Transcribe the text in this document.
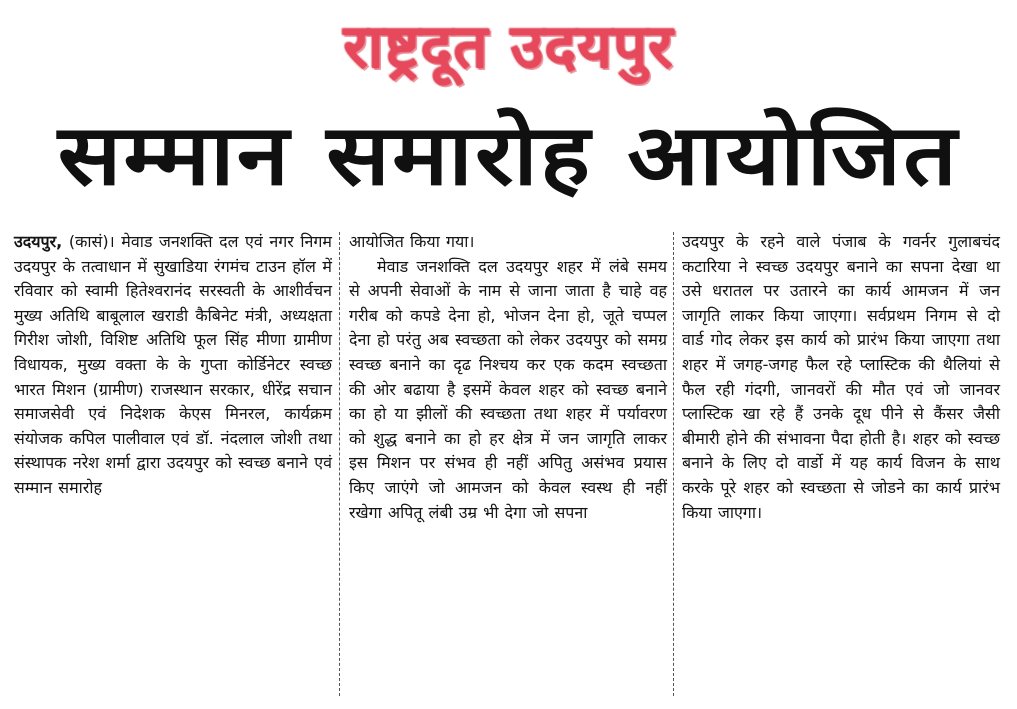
राष्ट्रदूत उदयपुर
सम्मान समारोह आयोजित

उदयपुर, (कासं)। मेवाड जनशक्ति दल एवं नगर निगम उदयपुर के तत्वाधान में सुखाडिया रंगमंच टाउन हॉल में रविवार को स्वामी हितेश्वरानंद सरस्वती के आशीर्वचन मुख्य अतिथि बाबूलाल खराडी कैबिनेट मंत्री, अध्यक्षता गिरीश जोशी, विशिष्ट अतिथि फूल सिंह मीणा ग्रामीण विधायक, मुख्य वक्ता के के गुप्ता कोर्डिनेटर स्वच्छ भारत मिशन (ग्रामीण) राजस्थान सरकार, धीरेंद्र सचान समाजसेवी एवं निदेशक केएस मिनरल, कार्यक्रम संयोजक कपिल पालीवाल एवं डॉ. नंदलाल जोशी तथा संस्थापक नरेश शर्मा द्वारा उदयपुर को स्वच्छ बनाने एवं सम्मान समारोह

आयोजित किया गया।

मेवाड जनशक्ति दल उदयपुर शहर में लंबे समय से अपनी सेवाओं के नाम से जाना जाता है चाहे वह गरीब को कपडे देना हो, भोजन देना हो, जूते चप्पल देना हो परंतु अब स्वच्छता को लेकर उदयपुर को समग्र स्वच्छ बनाने का दृढ निश्चय कर एक कदम स्वच्छता की ओर बढाया है इसमें केवल शहर को स्वच्छ बनाने का हो या झीलों की स्वच्छता तथा शहर में पर्यावरण को शुद्ध बनाने का हो हर क्षेत्र में जन जागृति लाकर इस मिशन पर संभव ही नहीं अपितु असंभव प्रयास किए जाएंगे जो आमजन को केवल स्वस्थ ही नहीं रखेगा अपितू लंबी उम्र भी देगा जो सपना

उदयपुर के रहने वाले पंजाब के गवर्नर गुलाबचंद कटारिया ने स्वच्छ उदयपुर बनाने का सपना देखा था उसे धरातल पर उतारने का कार्य आमजन में जन जागृति लाकर किया जाएगा। सर्वप्रथम निगम से दो वार्ड गोद लेकर इस कार्य को प्रारंभ किया जाएगा तथा शहर में जगह-जगह फैल रहे प्लास्टिक की थैलियां से फैल रही गंदगी, जानवरों की मौत एवं जो जानवर प्लास्टिक खा रहे हैं उनके दूध पीने से कैंसर जैसी बीमारी होने की संभावना पैदा होती है। शहर को स्वच्छ बनाने के लिए दो वार्डो में यह कार्य विजन के साथ करके पूरे शहर को स्वच्छता से जोडने का कार्य प्रारंभ किया जाएगा।
